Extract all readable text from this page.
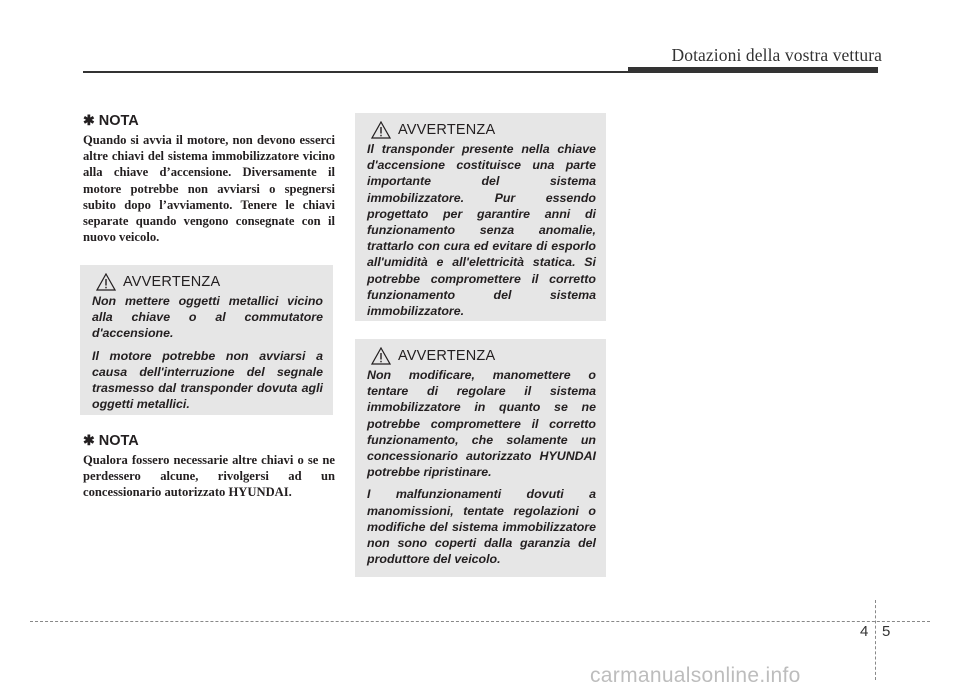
Dotazioni della vostra vettura
✱ NOTA

Quando si avvia il motore, non devono esserci altre chiavi del sistema immobilizzatore vicino alla chiave d’accensione. Diversamente il motore potrebbe non avviarsi o spegnersi subito dopo l’avviamento. Tenere le chiavi separate quando vengono consegnate con il nuovo veicolo.

AVVERTENZA

Non mettere oggetti metallici vicino alla chiave o al commutatore d'accensione.

Il motore potrebbe non avviarsi a causa dell'interruzione del segnale trasmesso dal transponder dovuta agli oggetti metallici.

✱ NOTA

Qualora fossero necessarie altre chiavi o se ne perdessero alcune, rivolgersi ad un concessionario autorizzato HYUNDAI.

AVVERTENZA

Il transponder presente nella chiave d'accensione costituisce una parte importante del sistema immobilizzatore. Pur essendo progettato per garantire anni di funzionamento senza anomalie, trattarlo con cura ed evitare di esporlo all'umidità e all'elettricità statica. Si potrebbe compromettere il corretto funzionamento del sistema immobilizzatore.

AVVERTENZA

Non modificare, manomettere o tentare di regolare il sistema immobilizzatore in quanto se ne potrebbe compromettere il corretto funzionamento, che solamente un concessionario autorizzato HYUNDAI potrebbe ripristinare.

I malfunzionamenti dovuti a manomissioni, tentate regolazioni o modifiche del sistema immobilizzatore non sono coperti dalla garanzia del produttore del veicolo.

4 5
carmanualsonline.info
